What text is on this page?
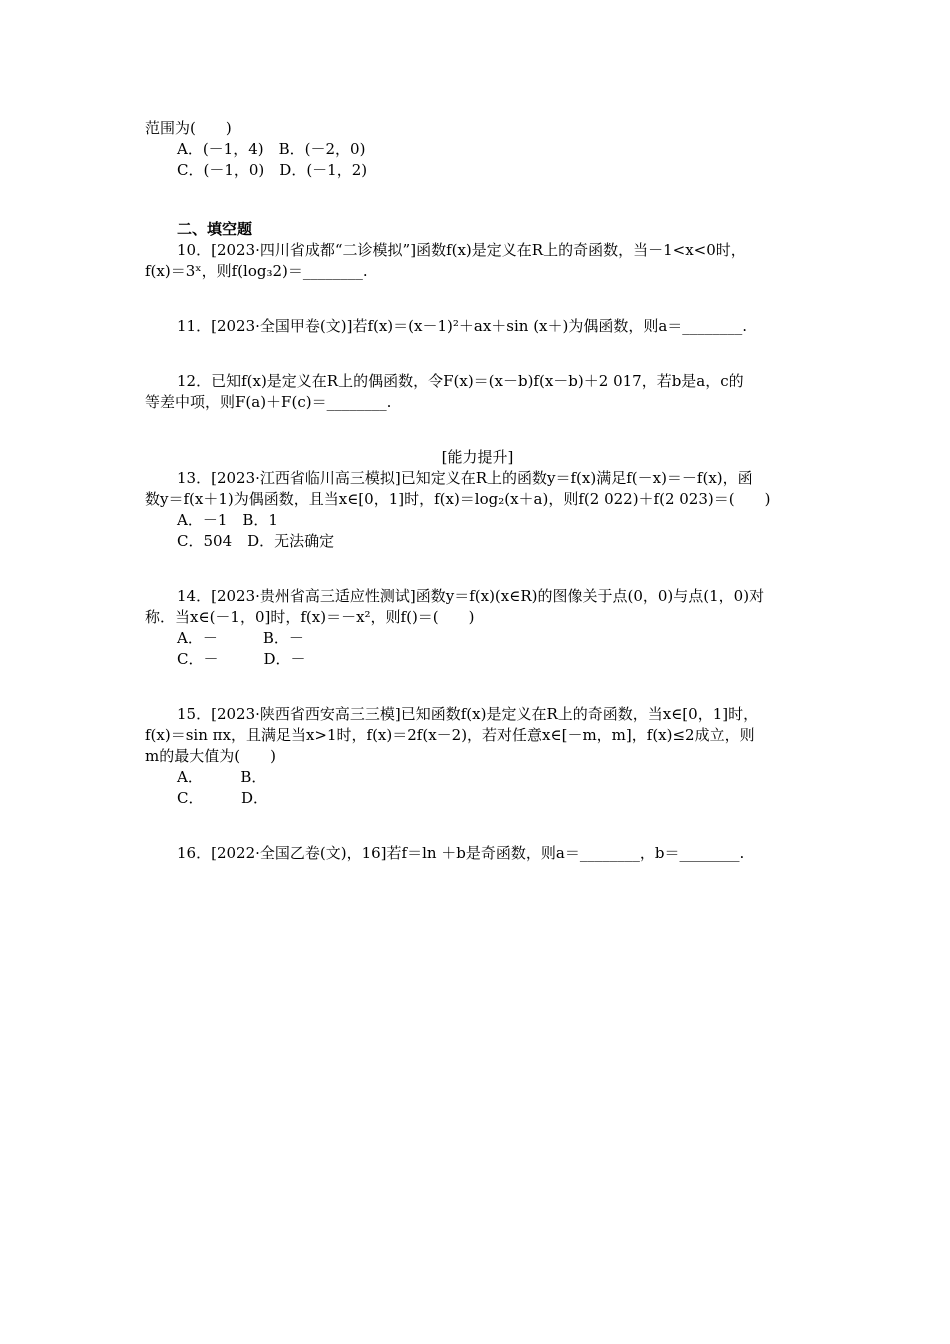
范围为(　　)
A．(－1，4)　 B．(－2，0)
C．(－1，0)　 D．(－1，2)
二、填空题
10．[2023·四川省成都“二诊模拟”]函数f(x)是定义在R上的奇函数，当－1<x<0时，
f(x)＝3ˣ，则f(log₃2)＝________.
11．[2023·全国甲卷(文)]若f(x)＝(x－1)²＋ax＋sin (x＋)为偶函数，则a＝________.
12．已知f(x)是定义在R上的偶函数，令F(x)＝(x－b)f(x－b)＋2 017，若b是a，c的
等差中项，则F(a)＋F(c)＝________.
[能力提升]
13．[2023·江西省临川高三模拟]已知定义在R上的函数y＝f(x)满足f(－x)＝－f(x)，函
数y＝f(x＋1)为偶函数，且当x∈[0，1]时，f(x)＝log₂(x＋a)，则f(2 022)＋f(2 023)＝(　　)
A．－1　 B．1
C．504　 D．无法确定
14．[2023·贵州省高三适应性测试]函数y＝f(x)(x∈R)的图像关于点(0，0)与点(1，0)对
称．当x∈(－1，0]时，f(x)＝－x²，则f()＝(　　)
A．－　　　	B．－
C．－　　　	D．－
15．[2023·陕西省西安高三三模]已知函数f(x)是定义在R上的奇函数，当x∈[0，1]时，
f(x)＝sin πx，且满足当x>1时，f(x)＝2f(x－2)，若对任意x∈[－m，m]，f(x)≤2成立，则
m的最大值为(　　)
A．　　　	B．
C．　　　	D．
16．[2022·全国乙卷(文)，16]若f＝ln ＋b是奇函数，则a＝________，b＝________.
